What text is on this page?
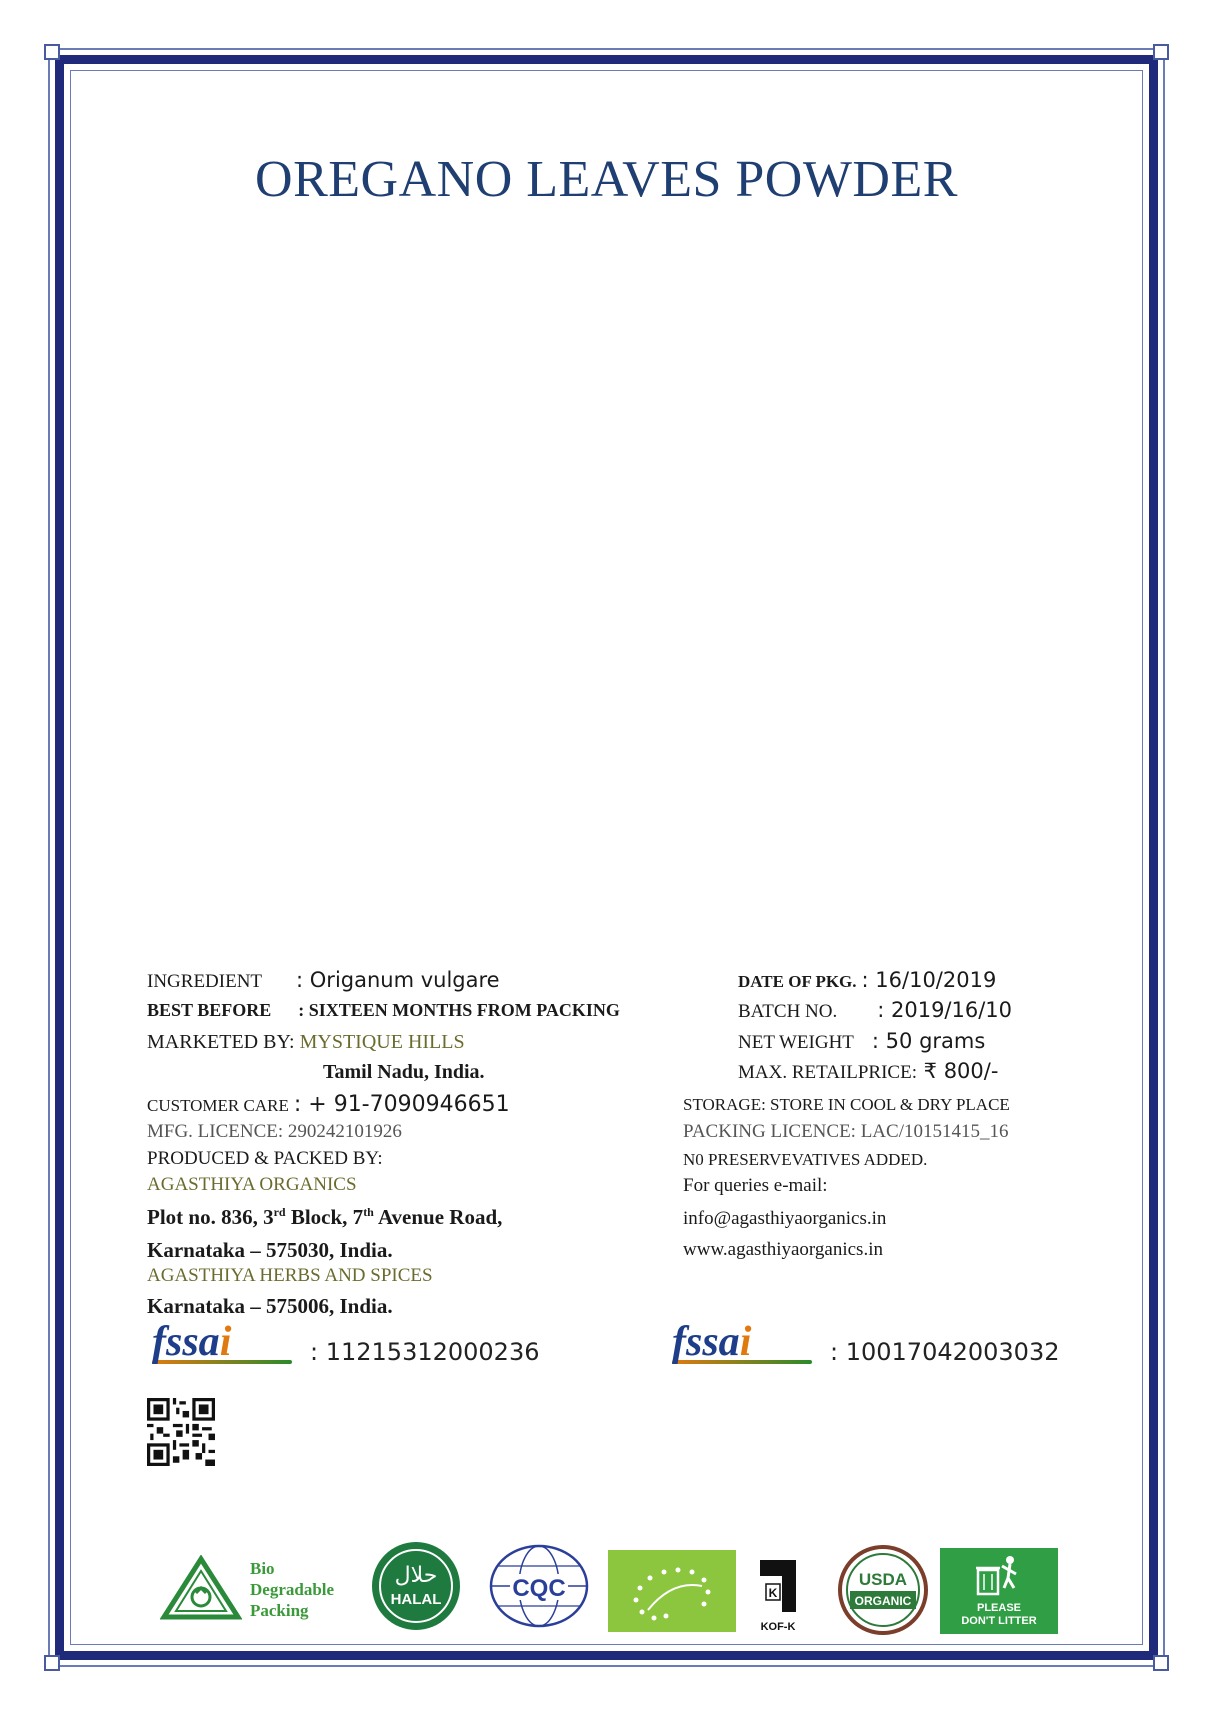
OREGANO LEAVES POWDER
INGREDIENT : Origanum vulgare
BEST BEFORE : SIXTEEN MONTHS FROM PACKING
MARKETED BY: MYSTIQUE HILLS
Tamil Nadu, India.
CUSTOMER CARE : + 91-7090946651
MFG. LICENCE: 290242101926
PRODUCED & PACKED BY:
AGASTHIYA ORGANICS
Plot no. 836, 3rd Block, 7th Avenue Road,
Karnataka – 575030, India.
AGASTHIYA HERBS AND SPICES
Karnataka – 575006, India.
DATE OF PKG. : 16/10/2019
BATCH NO. : 2019/16/10
NET WEIGHT : 50 grams
MAX. RETAILPRICE: ₹ 800/-
STORAGE: STORE IN COOL & DRY PLACE
PACKING LICENCE: LAC/10151415_16
N0 PRESERVEVATIVES ADDED.
For queries e-mail:
info@agasthiyaorganics.in
www.agasthiyaorganics.in
fssai	: 11215312000236	fssai	: 10017042003032
Bio
Degradable
Packing
حلال
HALAL	CQC	K
KOF-K
USDA
ORGANIC	PLEASE
DON'T LITTER
